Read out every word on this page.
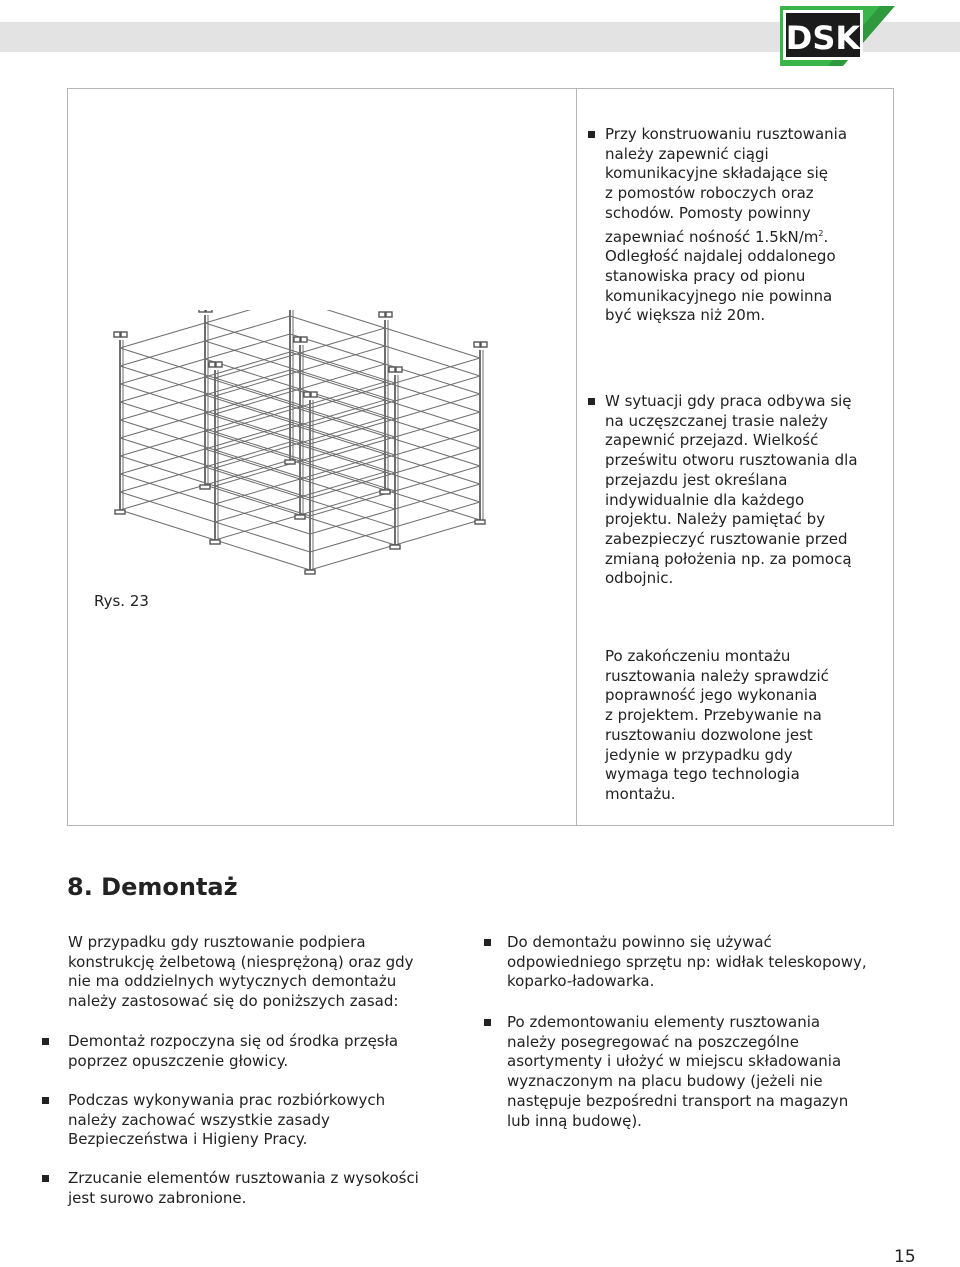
DSK
Rys. 23
Przy konstruowaniu rusztowania
należy zapewnić ciągi
komunikacyjne składające się
z pomostów roboczych oraz
schodów. Pomosty powinny
zapewniać nośność $1.5kN/m^2$.
Odległość najdalej oddalonego
stanowiska pracy od pionu
komunikacyjnego nie powinna
być większa niż 20m.
W sytuacji gdy praca odbywa się
na uczęszczanej trasie należy
zapewnić przejazd. Wielkość
prześwitu otworu rusztowania dla
przejazdu jest określana
indywidualnie dla każdego
projektu. Należy pamiętać by
zabezpieczyć rusztowanie przed
zmianą położenia np. za pomocą
odbojnic.
Po zakończeniu montażu
rusztowania należy sprawdzić
poprawność jego wykonania
z projektem. Przebywanie na
rusztowaniu dozwolone jest
jedynie w przypadku gdy
wymaga tego technologia
montażu.
8. Demontaż
W przypadku gdy rusztowanie podpiera
konstrukcję żelbetową (niesprężoną) oraz gdy
nie ma oddzielnych wytycznych demontażu
należy zastosować się do poniższych zasad:
Demontaż rozpoczyna się od środka przęsła
poprzez opuszczenie głowicy.
Podczas wykonywania prac rozbiórkowych
należy zachować wszystkie zasady
Bezpieczeństwa i Higieny Pracy.
Zrzucanie elementów rusztowania z wysokości
jest surowo zabronione.
Do demontażu powinno się używać
odpowiedniego sprzętu np: widłak teleskopowy,
koparko-ładowarka.
Po zdemontowaniu elementy rusztowania
należy posegregować na poszczególne
asortymenty i ułożyć w miejscu składowania
wyznaczonym na placu budowy (jeżeli nie
następuje bezpośredni transport na magazyn
lub inną budowę).
15
